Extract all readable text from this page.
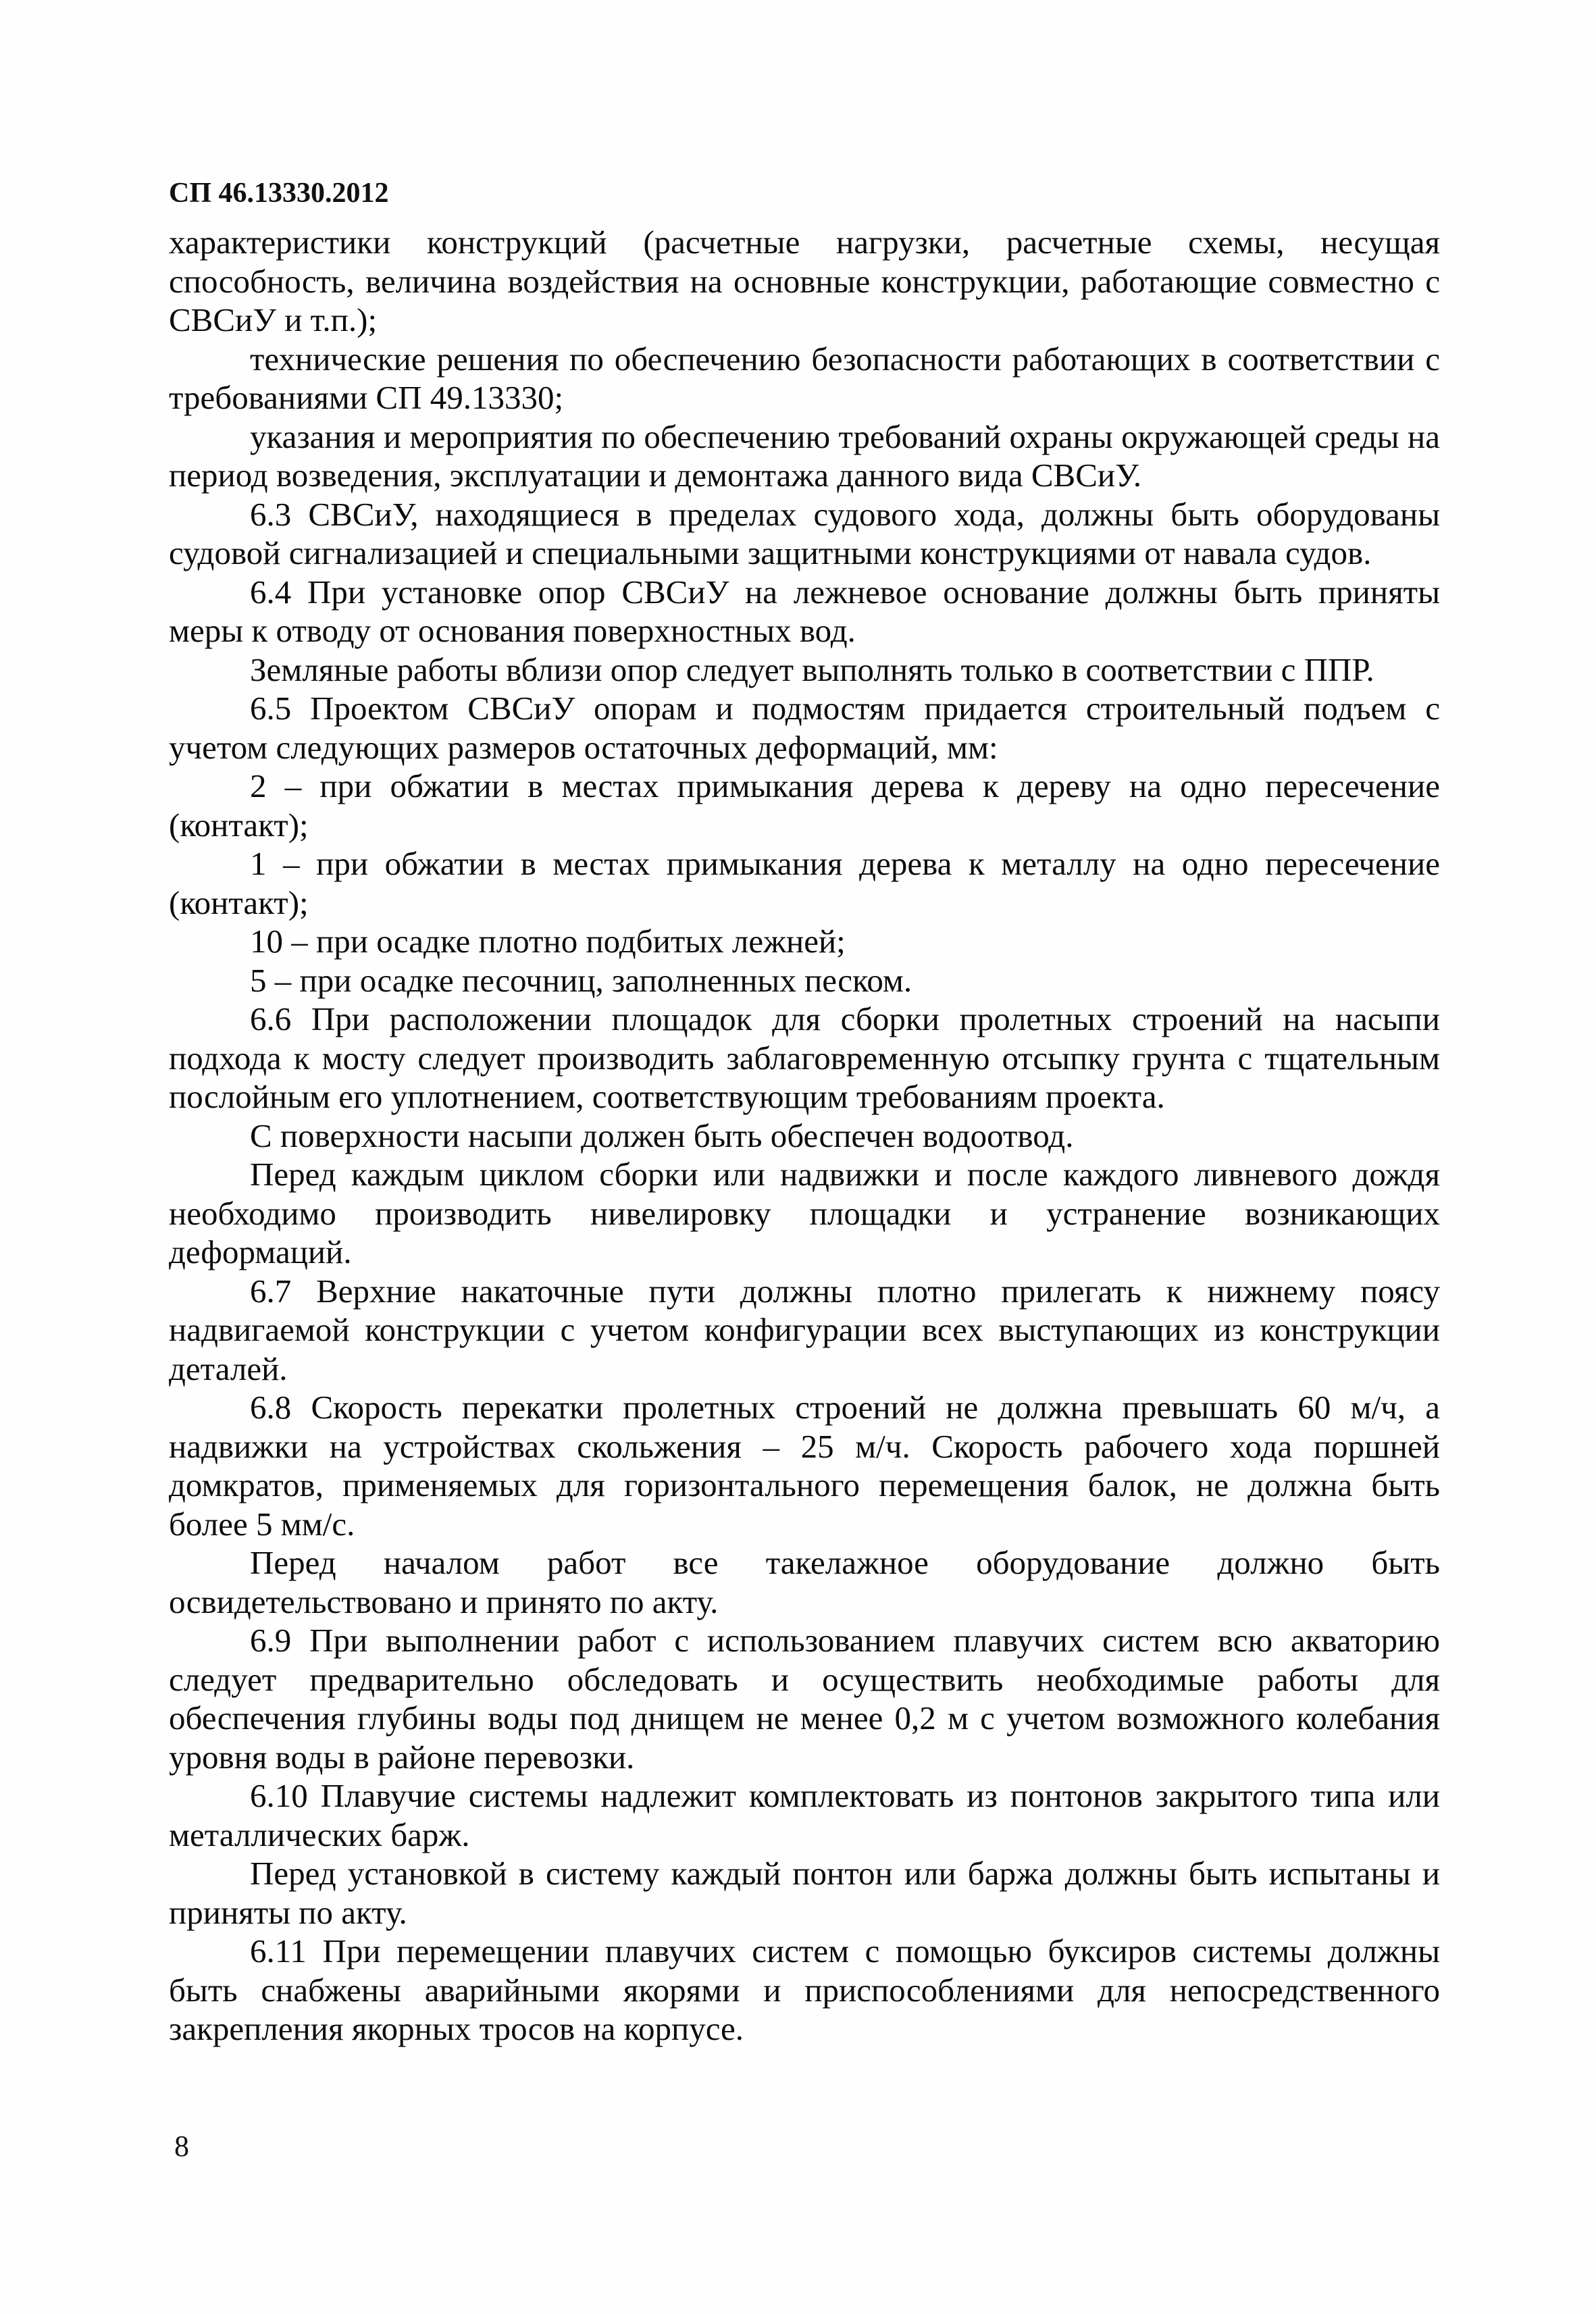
СП 46.13330.2012

характеристики конструкций (расчетные нагрузки, расчетные схемы, несущая способность, величина воздействия на основные конструкции, работающие совместно с СВСиУ и т.п.);

технические решения по обеспечению безопасности работающих в соответствии с требованиями СП 49.13330;

указания и мероприятия по обеспечению требований охраны окружающей среды на период возведения, эксплуатации и демонтажа данного вида СВСиУ.

6.3 СВСиУ, находящиеся в пределах судового хода, должны быть оборудованы судовой сигнализацией и специальными защитными конструкциями от навала судов.

6.4 При установке опор СВСиУ на лежневое основание должны быть приняты меры к отводу от основания поверхностных вод.

Земляные работы вблизи опор следует выполнять только в соответствии с ППР.

6.5 Проектом СВСиУ опорам и подмостям придается строительный подъем с учетом следующих размеров остаточных деформаций, мм:

2 – при обжатии в местах примыкания дерева к дереву на одно пересечение (контакт);

1 – при обжатии в местах примыкания дерева к металлу на одно пересечение (контакт);

10 – при осадке плотно подбитых лежней;

5 – при осадке песочниц, заполненных песком.

6.6 При расположении площадок для сборки пролетных строений на насыпи подхода к мосту следует производить заблаговременную отсыпку грунта с тщательным послойным его уплотнением, соответствующим требованиям проекта.

С поверхности насыпи должен быть обеспечен водоотвод.

Перед каждым циклом сборки или надвижки и после каждого ливневого дождя необходимо производить нивелировку площадки и устранение возникающих деформаций.

6.7 Верхние накаточные пути должны плотно прилегать к нижнему поясу надвигаемой конструкции с учетом конфигурации всех выступающих из конструкции деталей.

6.8 Скорость перекатки пролетных строений не должна превышать 60 м/ч, а надвижки на устройствах скольжения – 25 м/ч. Скорость рабочего хода поршней домкратов, применяемых для горизонтального перемещения балок, не должна быть более 5 мм/с.

Перед началом работ все такелажное оборудование должно быть освидетельствовано и принято по акту.

6.9 При выполнении работ с использованием плавучих систем всю акваторию следует предварительно обследовать и осуществить необходимые работы для обеспечения глубины воды под днищем не менее 0,2 м с учетом возможного колебания уровня воды в районе перевозки.

6.10 Плавучие системы надлежит комплектовать из понтонов закрытого типа или металлических барж.

Перед установкой в систему каждый понтон или баржа должны быть испытаны и приняты по акту.

6.11 При перемещении плавучих систем с помощью буксиров системы должны быть снабжены аварийными якорями и приспособлениями для непосредственного закрепления якорных тросов на корпусе.

8
